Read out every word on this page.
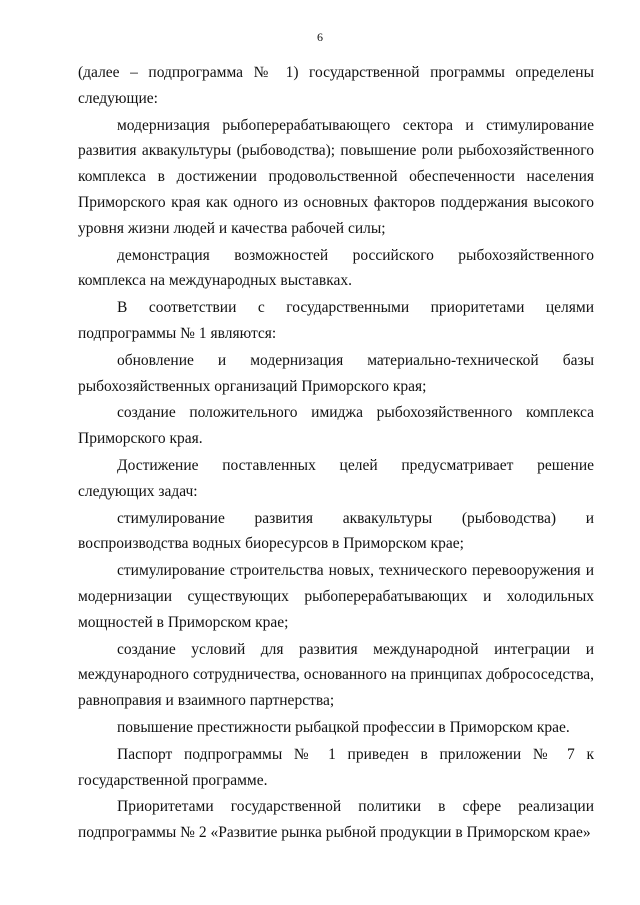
6

(далее – подпрограмма № 1) государственной программы определены следующие:

модернизация рыбоперерабатывающего сектора и стимулирование развития аквакультуры (рыбоводства); повышение роли рыбохозяйственного комплекса в достижении продовольственной обеспеченности населения Приморского края как одного из основных факторов поддержания высокого уровня жизни людей и качества рабочей силы;

демонстрация возможностей российского рыбохозяйственного комплекса на международных выставках.

В соответствии с государственными приоритетами целями подпрограммы № 1 являются:

обновление и модернизация материально-технической базы рыбохозяйственных организаций Приморского края;

создание положительного имиджа рыбохозяйственного комплекса Приморского края.

Достижение поставленных целей предусматривает решение следующих задач:

стимулирование развития аквакультуры (рыбоводства) и воспроизводства водных биоресурсов в Приморском крае;

стимулирование строительства новых, технического перевооружения и модернизации существующих рыбоперерабатывающих и холодильных мощностей в Приморском крае;

создание условий для развития международной интеграции и международного сотрудничества, основанного на принципах добрососедства, равноправия и взаимного партнерства;

повышение престижности рыбацкой профессии в Приморском крае.

Паспорт подпрограммы № 1 приведен в приложении № 7 к государственной программе.

Приоритетами государственной политики в сфере реализации подпрограммы № 2 «Развитие рынка рыбной продукции в Приморском крае»
